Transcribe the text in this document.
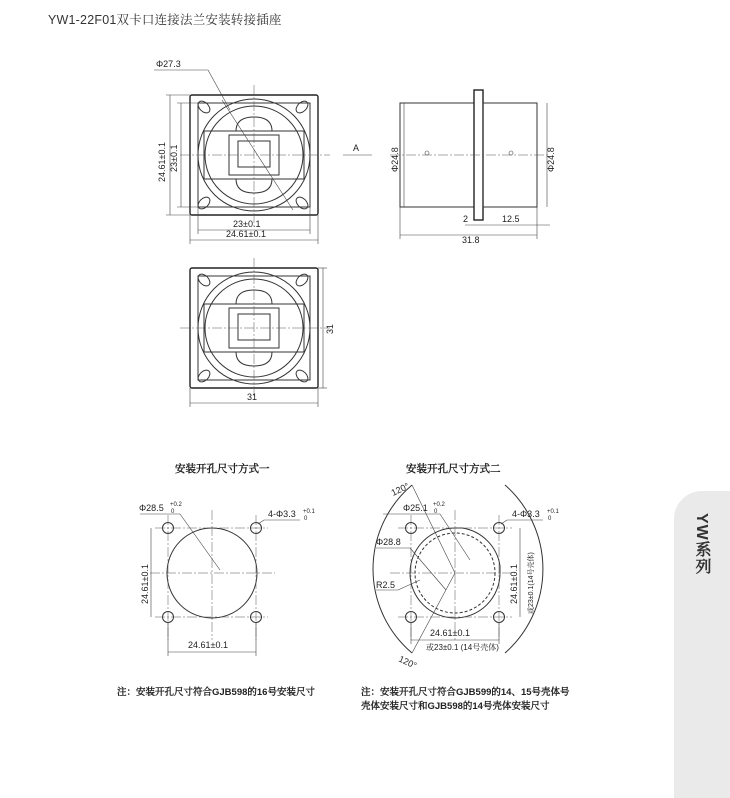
YW1-22F01双卡口连接法兰安装转接插座
Φ27.3
24.61±0.1 23±0.1
23±0.1
24.61±0.1
A	Φ24.8	Φ24.8
2	12.5
31.8
31
31
Φ28.5 +0.2
0	4-Φ3.3 +0.1
0
24.61±0.1
24.61±0.1
120°
120°
Φ25.1 +0.2
0	4-Φ3.3 +0.1
0
Φ28.8
R2.5	24.61±0.1 或23±0.1(14号壳体)
24.61±0.1
或23±0.1 (14号壳体)
安装开孔尺寸方式一	安装开孔尺寸方式二
注：安装开孔尺寸符合GJB598的16号安装尺寸	注：安装开孔尺寸符合GJB599的14、15号壳体号
壳体安装尺寸和GJB598的14号壳体安装尺寸
YW系列
